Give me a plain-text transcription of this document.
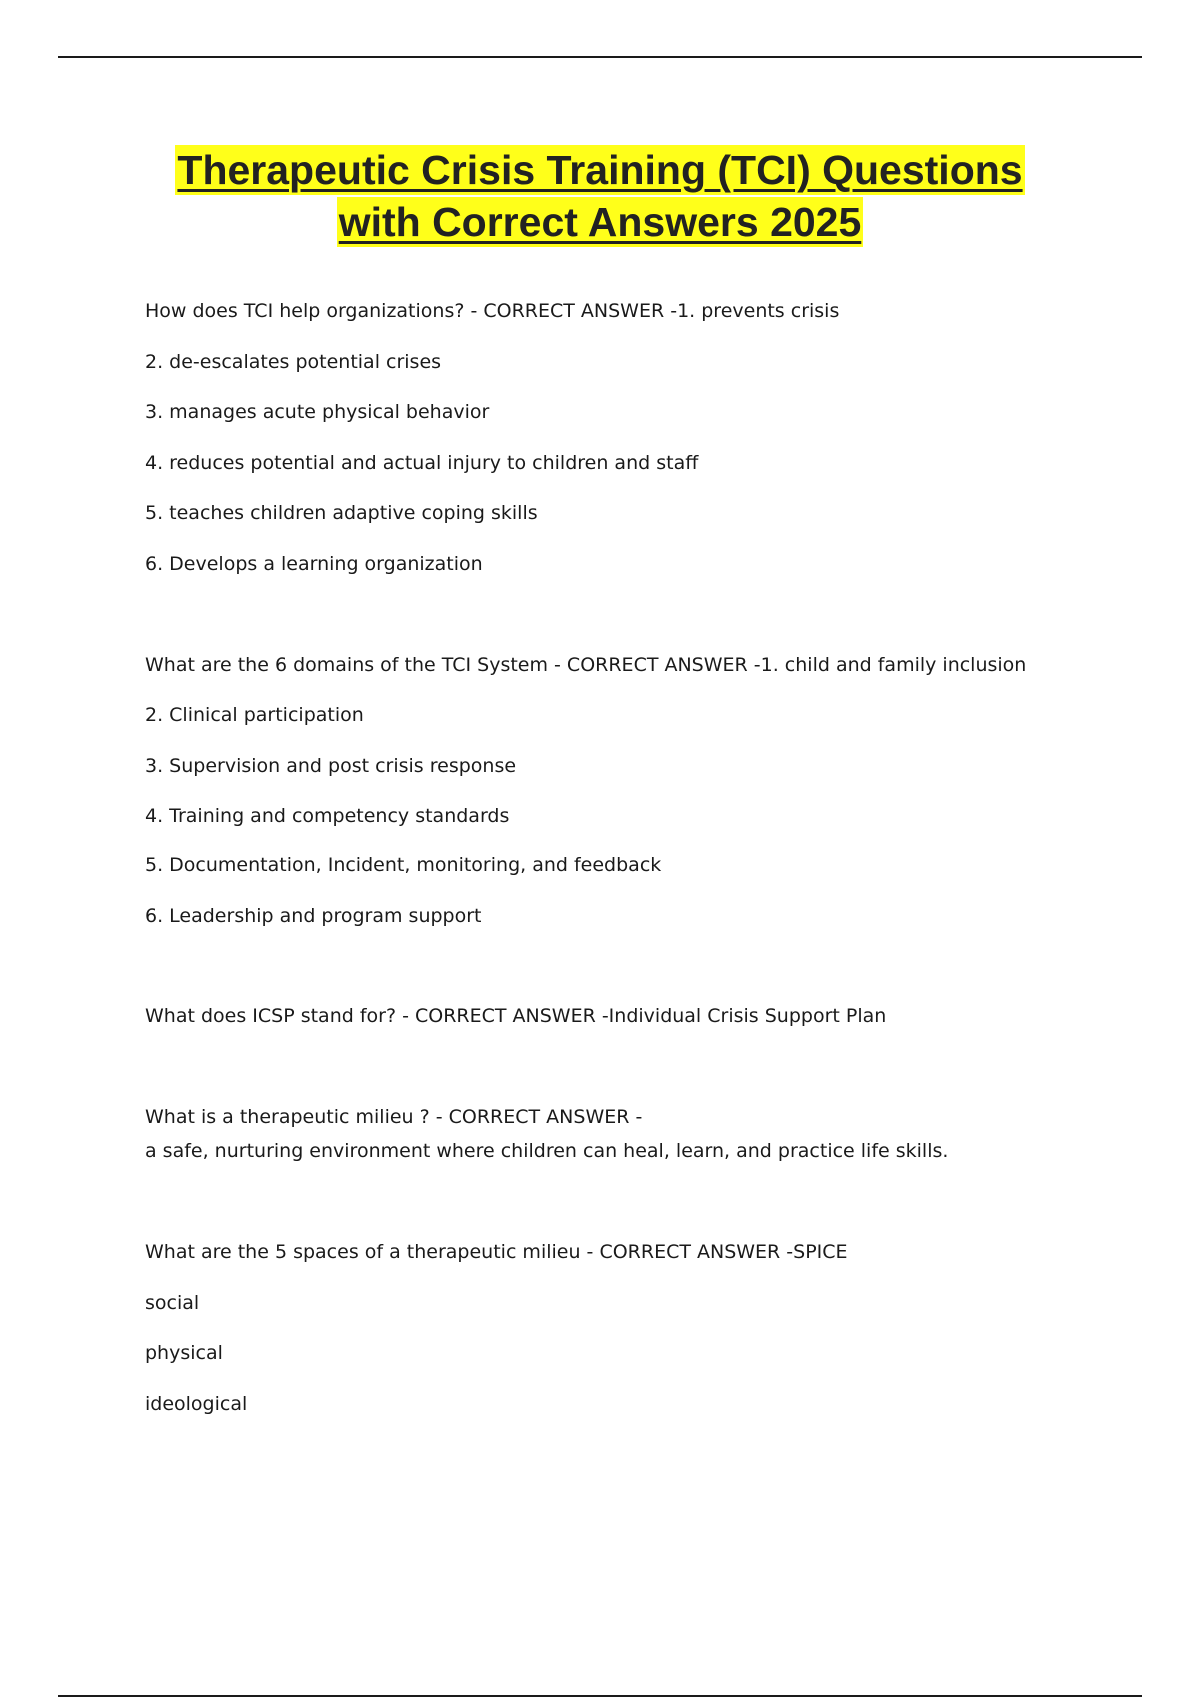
Therapeutic Crisis Training (TCI) Questions
with Correct Answers 2025
How does TCI help organizations? - CORRECT ANSWER -1. prevents crisis
2. de-escalates potential crises
3. manages acute physical behavior
4. reduces potential and actual injury to children and staff
5. teaches children adaptive coping skills
6. Develops a learning organization
What are the 6 domains of the TCI System - CORRECT ANSWER -1. child and family inclusion
2. Clinical participation
3. Supervision and post crisis response
4. Training and competency standards
5. Documentation, Incident, monitoring, and feedback
6. Leadership and program support
What does ICSP stand for? - CORRECT ANSWER -Individual Crisis Support Plan
What is a therapeutic milieu ? - CORRECT ANSWER -
a safe, nurturing environment where children can heal, learn, and practice life skills.
What are the 5 spaces of a therapeutic milieu - CORRECT ANSWER -SPICE
social
physical
ideological
